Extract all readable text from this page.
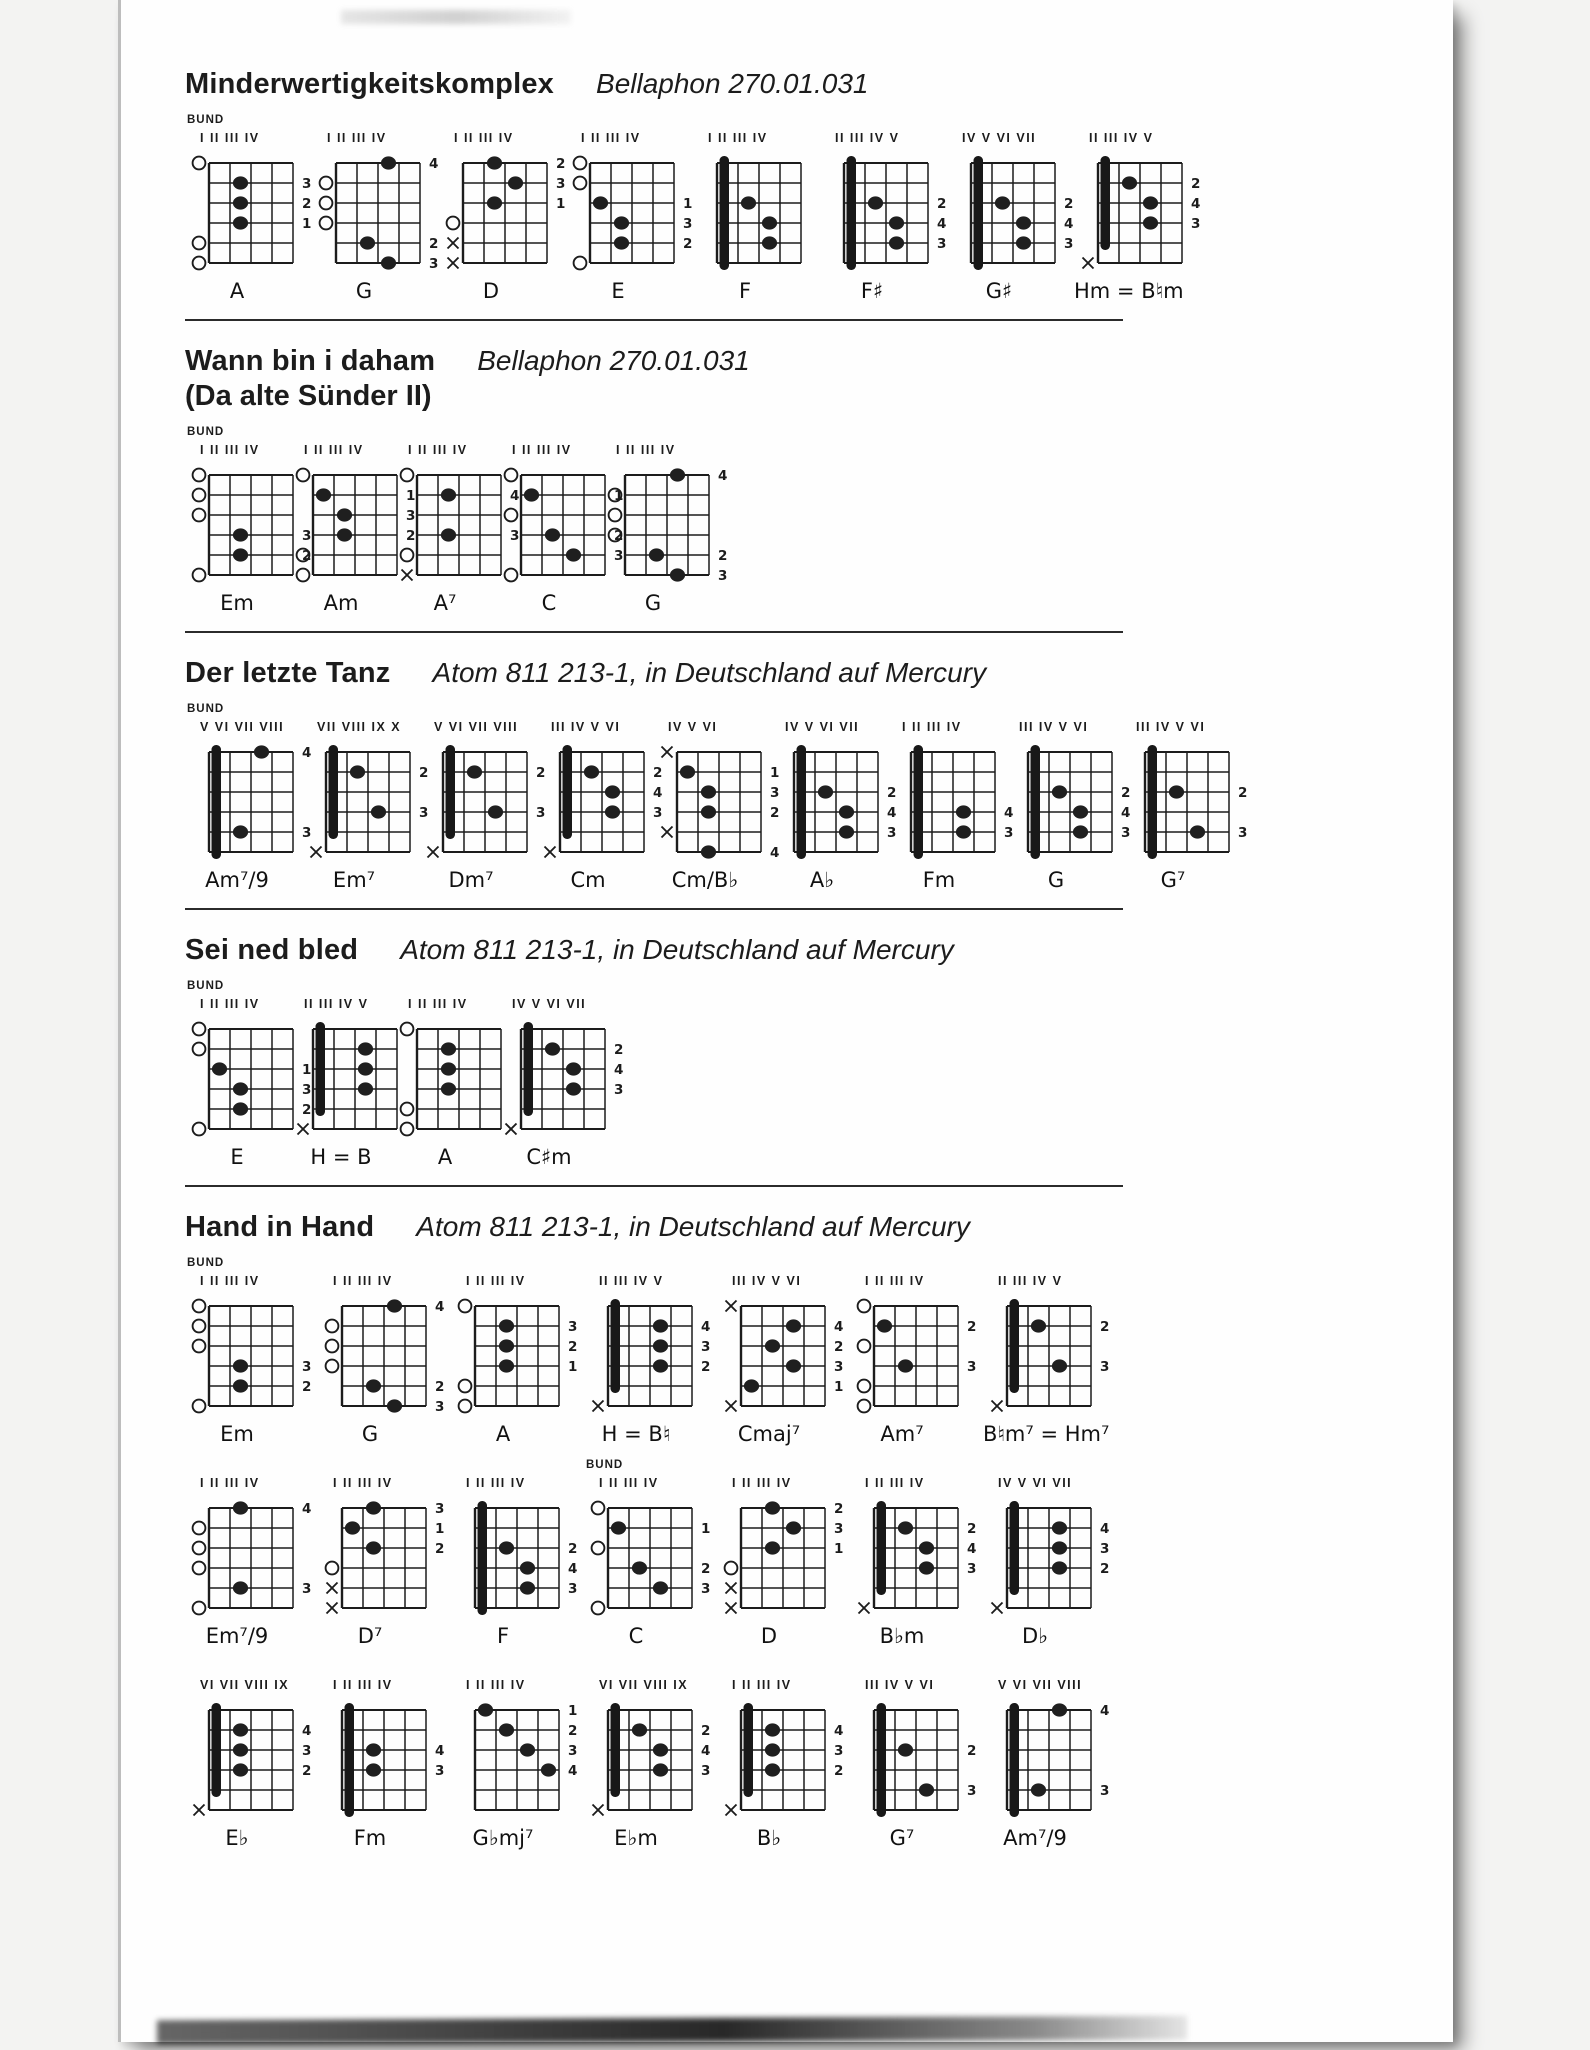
Minderwertigkeitskomplex Bellaphon 270.01.031
BUND
I II III IV
3
2
1
A
I II III IV
4
2
3
G
I II III IV
2
3
1
D
I II III IV
1
3
2
E
I II III IV
F
II III IV V
2
4
3
F♯
IV V VI VII
2
4
3
G♯
II III IV V
2
4
3
Hm = B♮m
Wann bin i daham Bellaphon 270.01.031
(Da alte Sünder II)
BUND
I II III IV
3
2
Em
I II III IV
1
3
2
Am
I II III IV
4
3
A⁷
I II III IV
1
2
3
C
I II III IV
4
2
3
G
Der letzte Tanz Atom 811 213-1, in Deutschland auf Mercury
BUND
V VI VII VIII
4
3
Am⁷/9
VII VIII IX X
2
3
Em⁷
V VI VII VIII
2
3
Dm⁷
III IV V VI
2
4
3
Cm
IV V VI
1
3
2
4
Cm/B♭
IV V VI VII
2
4
3
A♭
I II III IV
4
3
Fm
III IV V VI
2
4
3
G
III IV V VI
2
3
G⁷
Sei ned bled Atom 811 213-1, in Deutschland auf Mercury
BUND
I II III IV
1
3
2
E
II III IV V
H = B
I II III IV
A
IV V VI VII
2
4
3
C♯m
Hand in Hand Atom 811 213-1, in Deutschland auf Mercury
BUND
I II III IV
3
2
Em
I II III IV
4
2
3
G
I II III IV
3
2
1
A
II III IV V
4
3
2
H = B♮
III IV V VI
4
2
3
1
Cmaj⁷
I II III IV
2
3
Am⁷
II III IV V
2
3
B♮m⁷ = Hm⁷
I II III IV
4
3
Em⁷/9
I II III IV
3
1
2
D⁷
I II III IV
2
4
3
F
BUND
I II III IV
1
2
3
C
I II III IV
2
3
1
D
I II III IV
2
4
3
B♭m
IV V VI VII
4
3
2
D♭
VI VII VIII IX
4
3
2
E♭
I II III IV
4
3
Fm
I II III IV
1
2
3
4
G♭mj⁷
VI VII VIII IX
2
4
3
E♭m
I II III IV
4
3
2
B♭
III IV V VI
2
3
G⁷
V VI VII VIII
4
3
Am⁷/9
